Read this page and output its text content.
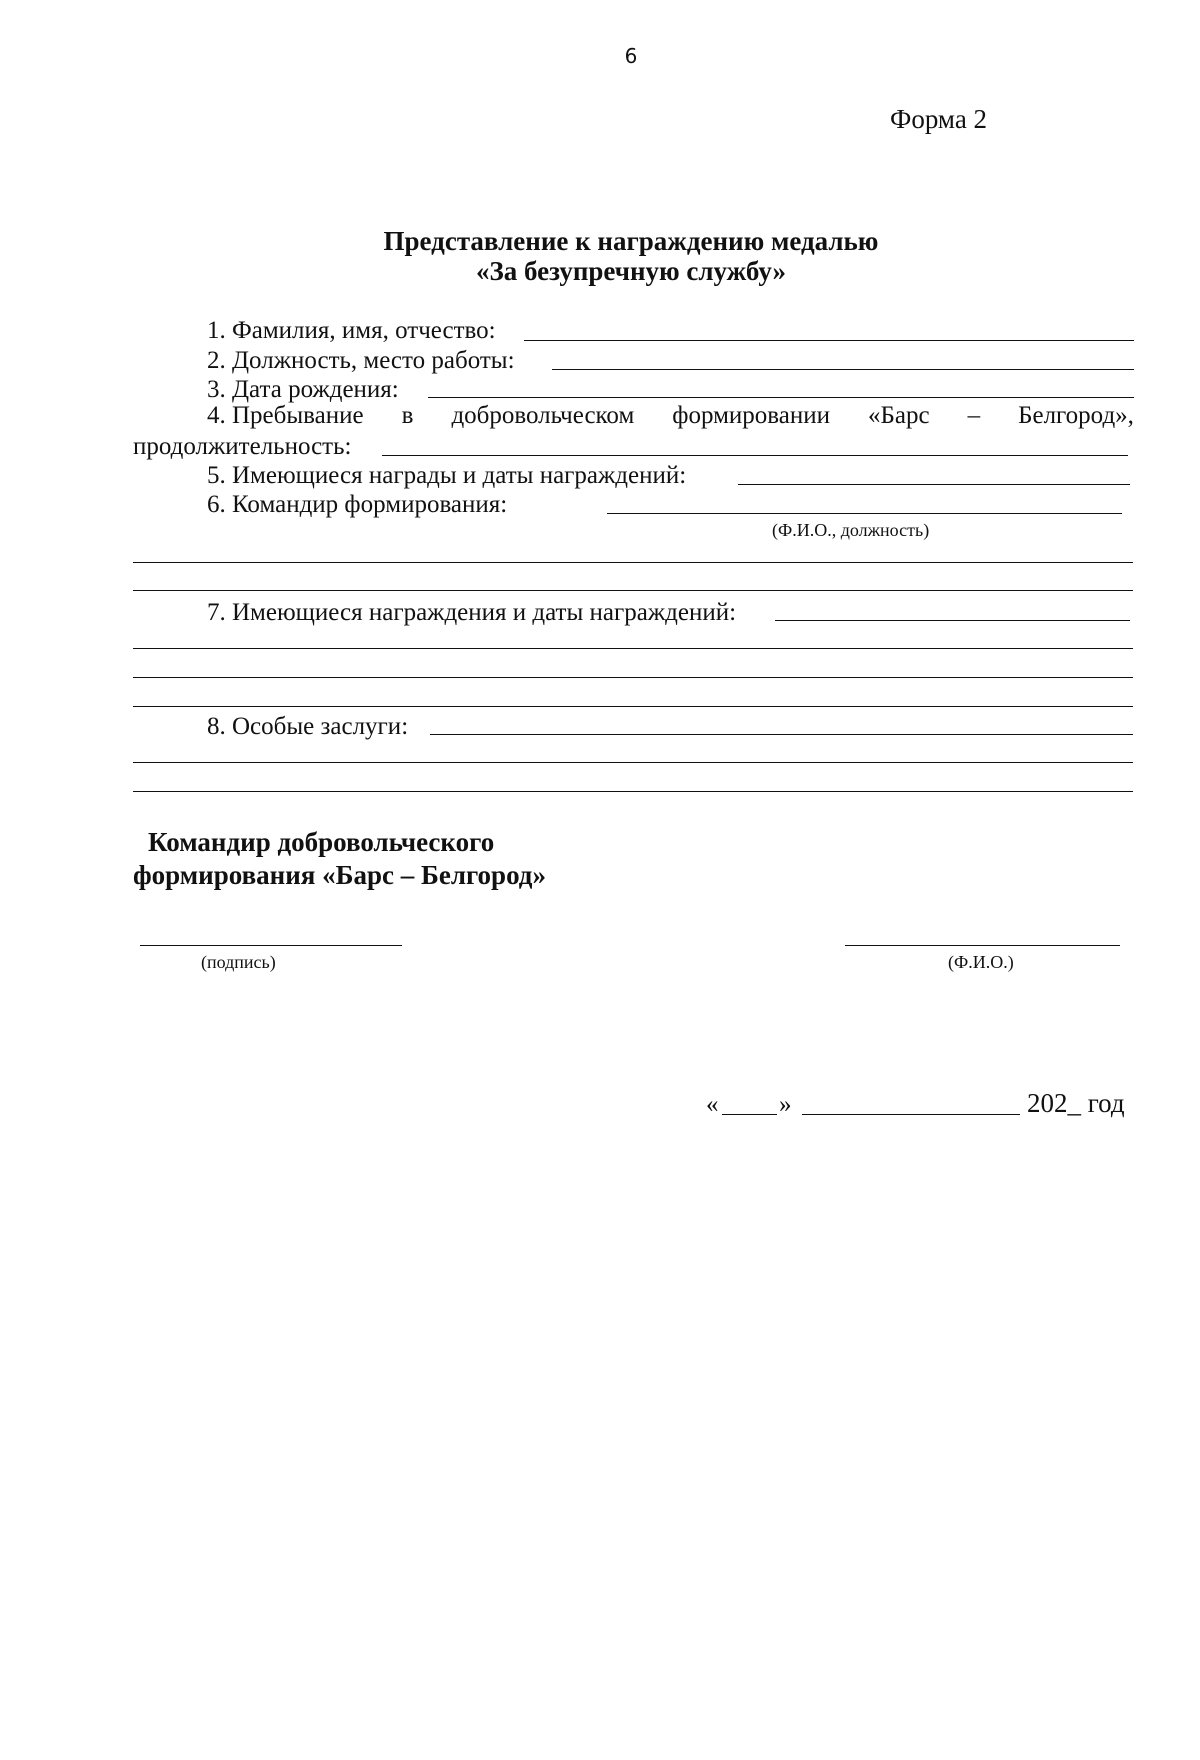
6
Форма 2
Представление к награждению медалью
«За безупречную службу»
1. Фамилия, имя, отчество:
2. Должность, место работы:
3. Дата рождения:
4. Пребывание в добровольческом формировании «Барс – Белгород»,
продолжительность:
5. Имеющиеся награды и даты награждений:
6. Командир формирования:
(Ф.И.О., должность)
7. Имеющиеся награждения и даты награждений:
8. Особые заслуги:
Командир добровольческого
формирования «Барс – Белгород»
(подпись)	(Ф.И.О.)
« »	202_ год
